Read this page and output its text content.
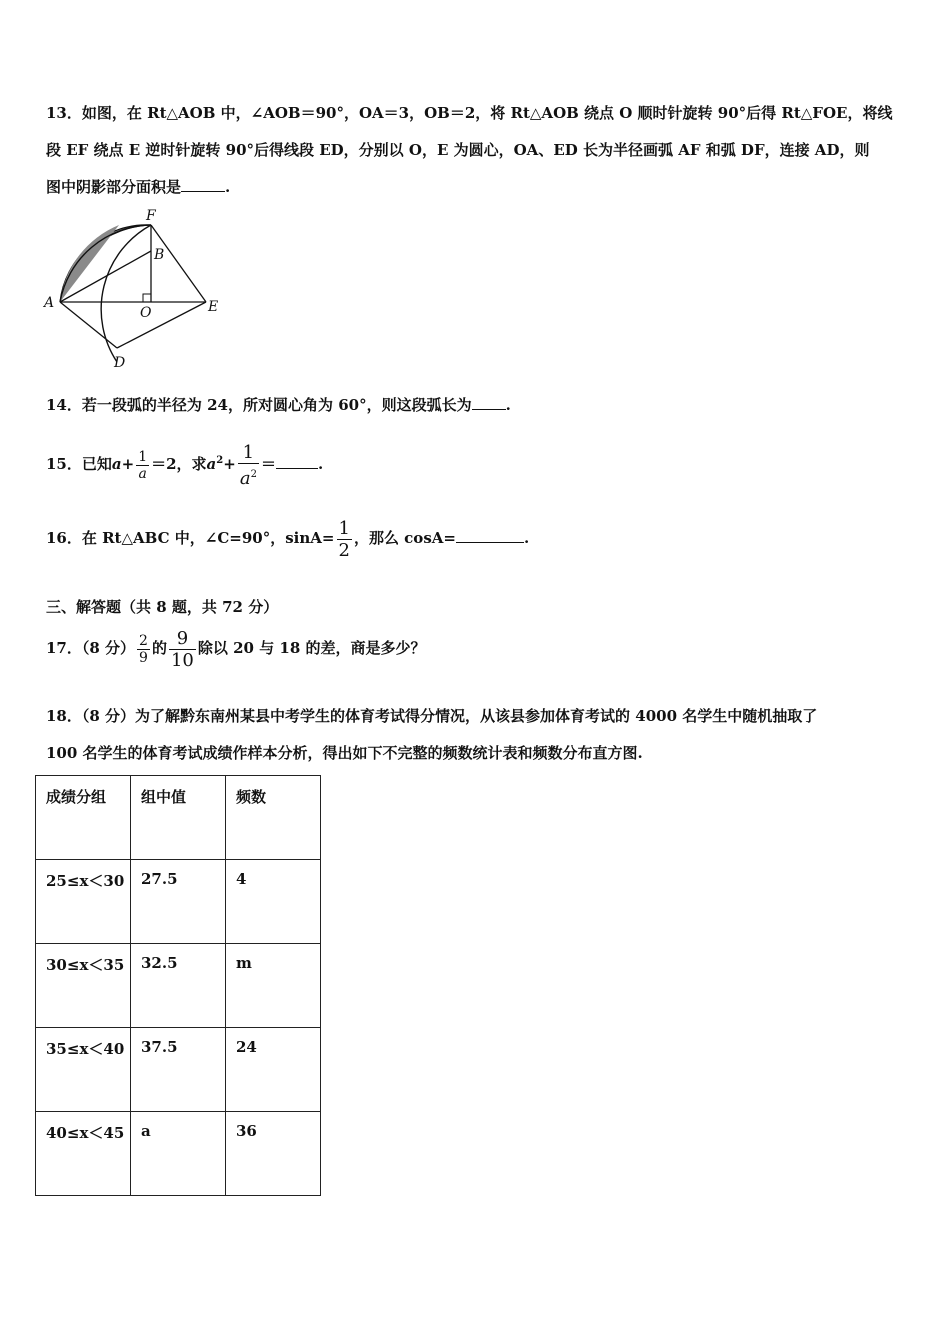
13．如图，在 Rt△AOB 中，∠AOB＝90°，OA＝3，OB＝2，将 Rt△AOB 绕点 O 顺时针旋转 90°后得 Rt△FOE，将线
段 EF 绕点 E 逆时针旋转 90°后得线段 ED，分别以 O，E 为圆心，OA、ED 长为半径画弧 AF 和弧 DF，连接 AD，则
图中阴影部分面积是	.
F
B
A
O	E
D
14．若一段弧的半径为 24，所对圆心角为 60°，则这段弧长为 .
15．已知$a+ \frac{1}{a} =2$，求$a^2+ \frac{1}{a^2}$ ＝	.
16．在 Rt△ABC 中，∠C=90°，$\sin A= \frac{1}{2}$ ，那么 cosA=	.
三、解答题（共 8 题，共 72 分）
17．（8 分） $\frac{2}{9}$ 的 $\frac{9}{10}$ 除以 20 与 18 的差，商是多少？
18．（8 分）为了解黔东南州某县中考学生的体育考试得分情况，从该县参加体育考试的 4000 名学生中随机抽取了
100 名学生的体育考试成绩作样本分析，得出如下不完整的频数统计表和频数分布直方图.
成绩分组	组中值	频数
25≤x＜30	27.5	4
30≤x＜35	32.5	m
35≤x＜40	37.5	24
40≤x＜45	a	36
